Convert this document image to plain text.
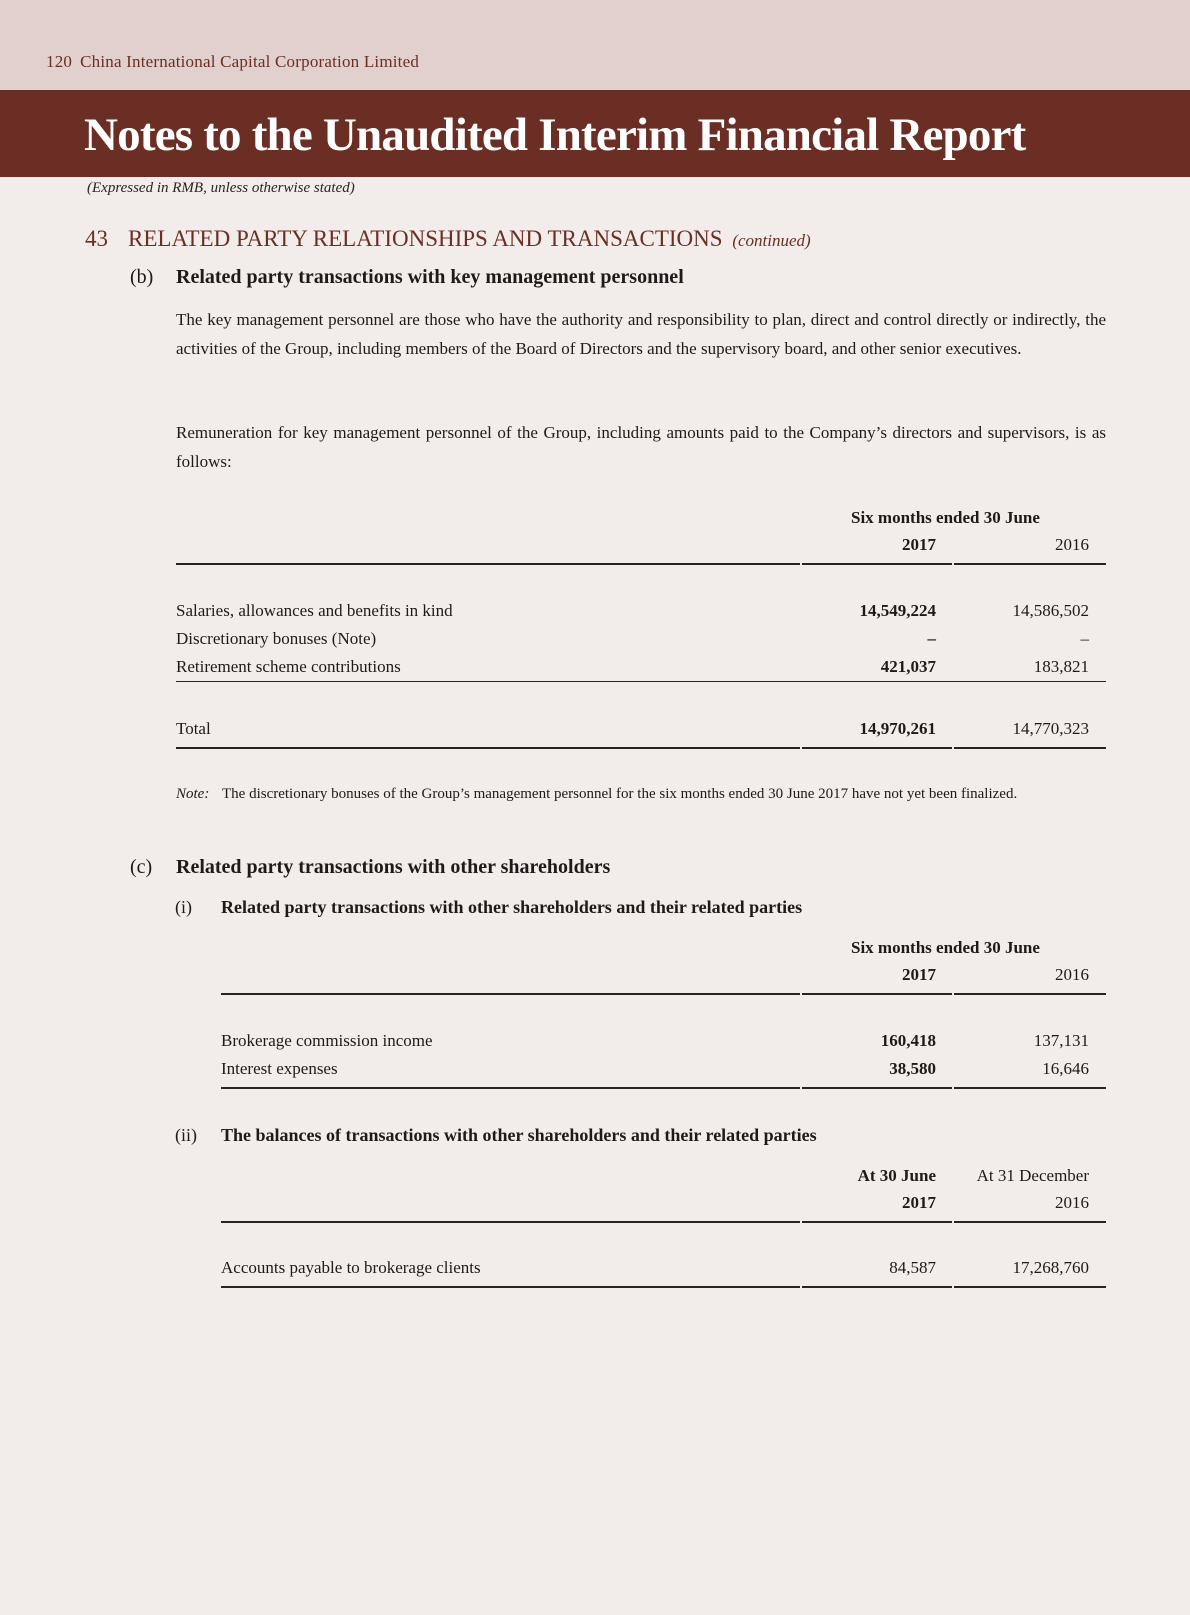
120 China International Capital Corporation Limited
Notes to the Unaudited Interim Financial Report
(Expressed in RMB, unless otherwise stated)
43 RELATED PARTY RELATIONSHIPS AND TRANSACTIONS (continued)
(b) Related party transactions with key management personnel
The key management personnel are those who have the authority and responsibility to plan, direct and control directly or indirectly, the activities of the Group, including members of the Board of Directors and the supervisory board, and other senior executives.
Remuneration for key management personnel of the Group, including amounts paid to the Company’s directors and supervisors, is as follows:
Six months ended 30 June
2017	2016
Salaries, allowances and benefits in kind	14,549,224	14,586,502
Discretionary bonuses (Note)	–	–
Retirement scheme contributions	421,037	183,821
Total	14,970,261	14,770,323
Note: The discretionary bonuses of the Group’s management personnel for the six months ended 30 June 2017 have not yet been finalized.
(c) Related party transactions with other shareholders
(i) Related party transactions with other shareholders and their related parties
Six months ended 30 June
2017	2016
Brokerage commission income	160,418	137,131
Interest expenses	38,580	16,646
(ii) The balances of transactions with other shareholders and their related parties
At 30 June At 31 December
2017	2016
Accounts payable to brokerage clients	84,587	17,268,760
